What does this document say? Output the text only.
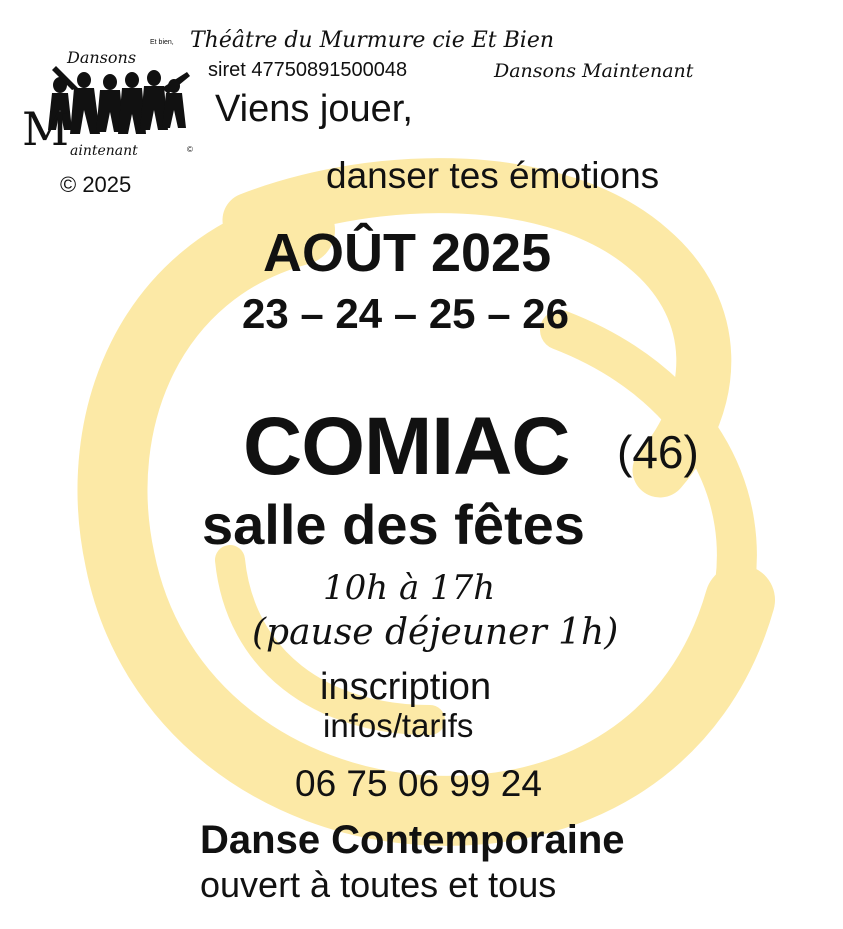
Dansons
M aintenant
Et bien,
©
Théâtre du Murmure cie Et Bien
siret 47750891500048	Dansons Maintenant
© 2025
Viens jouer,
danser tes émotions
AOÛT 2025
23 – 24 – 25 – 26
COMIAC (46)
salle des fêtes
10h à 17h
(pause déjeuner 1h)
inscription
infos/tarifs
06 75 06 99 24
Danse Contemporaine
ouvert à toutes et tous
